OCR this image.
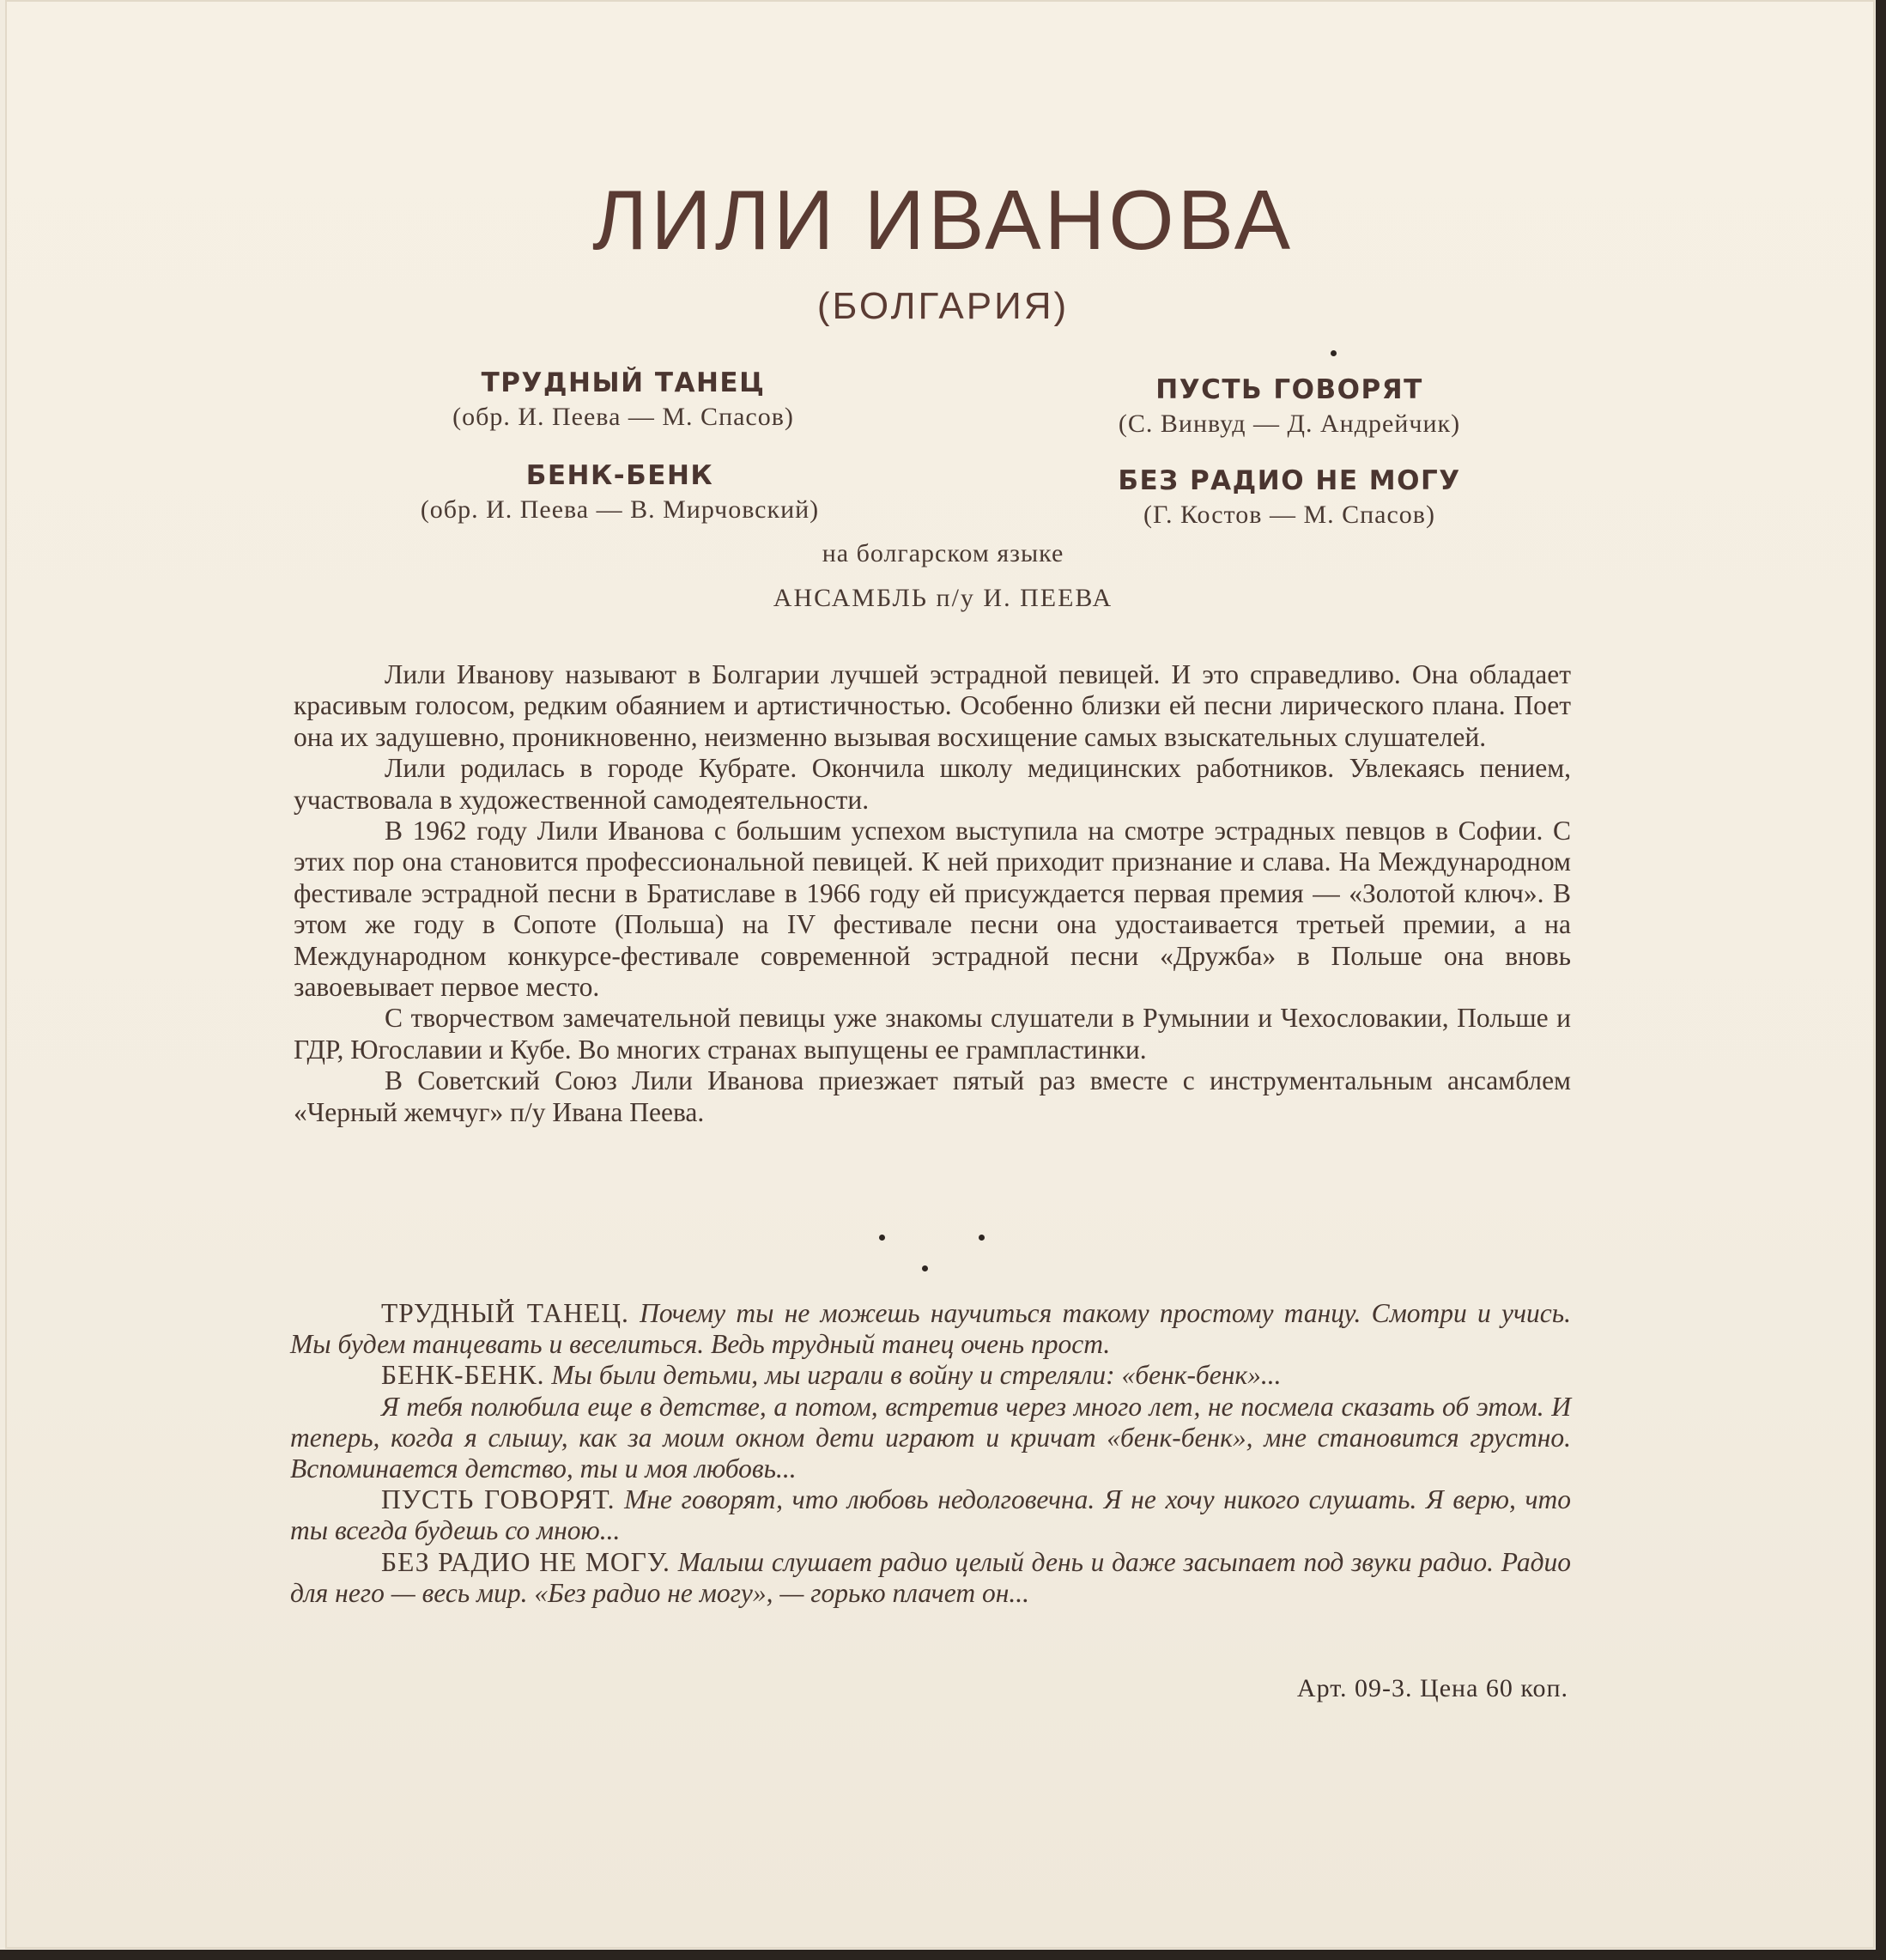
ЛИЛИ ИВАНОВА
(БОЛГАРИЯ)
ТРУДНЫЙ ТАНЕЦ
(обр. И. Пеева — М. Спасов)
ПУСТЬ ГОВОРЯТ
(С. Винвуд — Д. Андрейчик)
БЕНК-БЕНК
(обр. И. Пеева — В. Мирчовский)
БЕЗ РАДИО НЕ МОГУ
(Г. Костов — М. Спасов)
на болгарском языке
АНСАМБЛЬ п/у И. ПЕЕВА

Лили Иванову называют в Болгарии лучшей эстрадной певицей. И это справедливо. Она обладает красивым голосом, редким обаянием и артистичностью. Особенно близки ей песни лирического плана. Поет она их задушевно, проникновенно, неизменно вызывая восхищение самых взыскательных слушателей.

Лили родилась в городе Кубрате. Окончила школу медицинских работников. Увлекаясь пением, участвовала в художественной самодеятельности.

В 1962 году Лили Иванова с большим успехом выступила на смотре эстрадных певцов в Софии. С этих пор она становится профессиональной певицей. К ней приходит признание и слава. На Международном фестивале эстрадной песни в Братиславе в 1966 году ей присуждается первая премия — «Золотой ключ». В этом же году в Сопоте (Польша) на IV фестивале песни она удостаивается третьей премии, а на Международном конкурсе-фестивале современной эстрадной песни «Дружба» в Польше она вновь завоевывает первое место.

С творчеством замечательной певицы уже знакомы слушатели в Румынии и Чехословакии, Польше и ГДР, Югославии и Кубе. Во многих странах выпущены ее грампластинки.

В Советский Союз Лили Иванова приезжает пятый раз вместе с инструментальным ансамблем «Черный жемчуг» п/у Ивана Пеева.

ТРУДНЫЙ ТАНЕЦ. Почему ты не можешь научиться такому простому танцу. Смотри и учись. Мы будем танцевать и веселиться. Ведь трудный танец очень прост.

БЕНК-БЕНК. Мы были детьми, мы играли в войну и стреляли: «бенк-бенк»...

Я тебя полюбила еще в детстве, а потом, встретив через много лет, не посмела сказать об этом. И теперь, когда я слышу, как за моим окном дети играют и кричат «бенк-бенк», мне становится грустно. Вспоминается детство, ты и моя любовь...

ПУСТЬ ГОВОРЯТ. Мне говорят, что любовь недолговечна. Я не хочу никого слушать. Я верю, что ты всегда будешь со мною...

БЕЗ РАДИО НЕ МОГУ. Малыш слушает радио целый день и даже засыпает под звуки радио. Радио для него — весь мир. «Без радио не могу», — горько плачет он...

Арт. 09-3. Цена 60 коп.
